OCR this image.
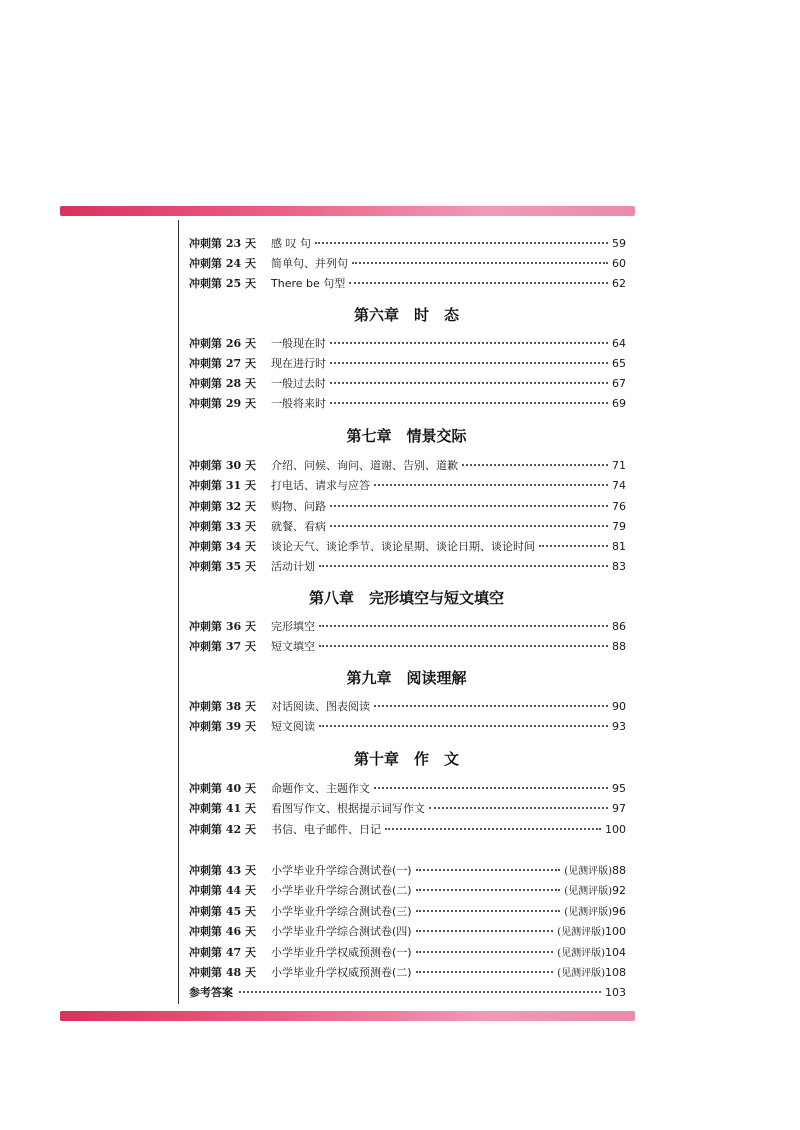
冲刺第 23 天	感 叹 句	59
冲刺第 24 天	简单句、并列句	60
冲刺第 25 天	There be 句型	62
第六章　时　态
冲刺第 26 天	一般现在时	64
冲刺第 27 天	现在进行时	65
冲刺第 28 天	一般过去时	67
冲刺第 29 天	一般将来时	69
第七章　情景交际
冲刺第 30 天	介绍、问候、询问、道谢、告别、道歉	71
冲刺第 31 天	打电话、请求与应答	74
冲刺第 32 天	购物、问路	76
冲刺第 33 天	就餐、看病	79
冲刺第 34 天	谈论天气、谈论季节、谈论星期、谈论日期、谈论时间	81
冲刺第 35 天	活动计划	83
第八章　完形填空与短文填空
冲刺第 36 天	完形填空	86
冲刺第 37 天	短文填空	88
第九章　阅读理解
冲刺第 38 天	对话阅读、图表阅读	90
冲刺第 39 天	短文阅读	93
第十章　作　文
冲刺第 40 天	命题作文、主题作文	95
冲刺第 41 天	看图写作文、根据提示词写作文	97
冲刺第 42 天	书信、电子邮件、日记	100
冲刺第 43 天	小学毕业升学综合测试卷(一)	(见测评版) 88
冲刺第 44 天	小学毕业升学综合测试卷(二)	(见测评版) 92
冲刺第 45 天	小学毕业升学综合测试卷(三)	(见测评版) 96
冲刺第 46 天	小学毕业升学综合测试卷(四)	(见测评版) 100
冲刺第 47 天	小学毕业升学权威预测卷(一)	(见测评版) 104
冲刺第 48 天	小学毕业升学权威预测卷(二)	(见测评版) 108
参考答案	103
